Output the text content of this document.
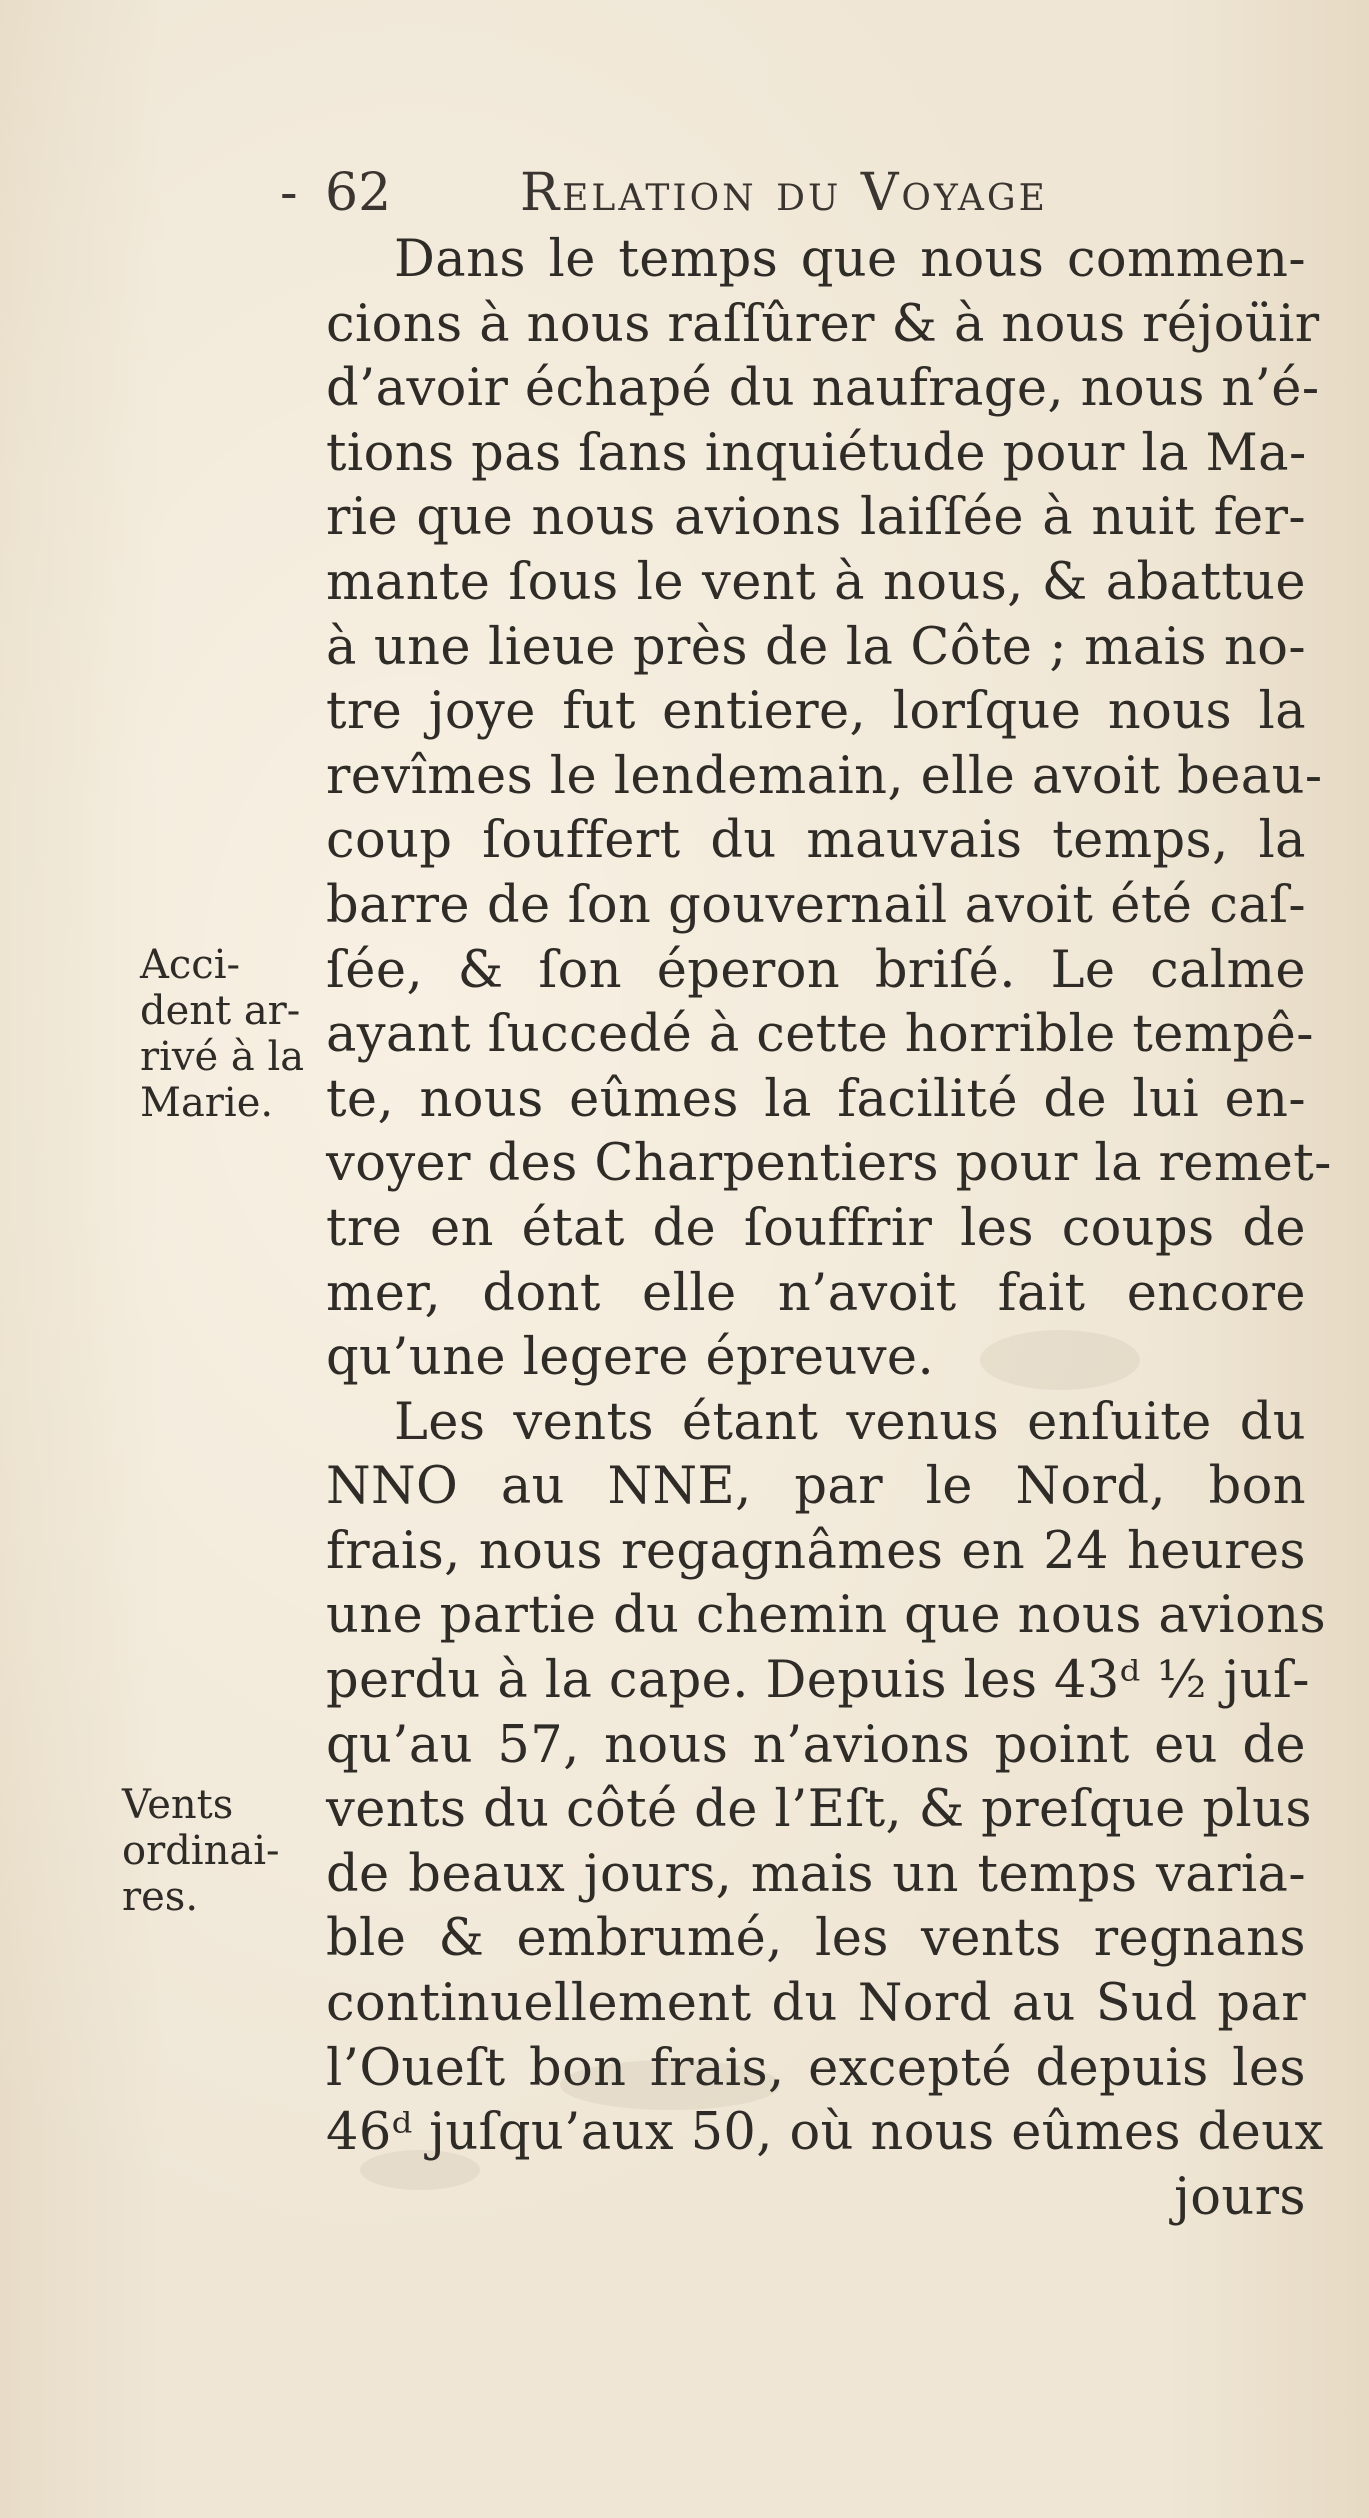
- 62 Relation du Voyage
Dans le temps que nous commen-
cions à nous raſſûrer & à nous réjoüir
d’avoir échapé du naufrage, nous n’é-
tions pas ſans inquiétude pour la Ma-
rie que nous avions laiſſée à nuit fer-
mante ſous le vent à nous, & abattue
à une lieue près de la Côte ; mais no-
tre joye fut entiere, lorſque nous la
revîmes le lendemain, elle avoit beau-
coup ſouffert du mauvais temps, la
barre de ſon gouvernail avoit été caſ-
ſée, & ſon éperon briſé. Le calme
ayant ſuccedé à cette horrible tempê-
te, nous eûmes la facilité de lui en-
voyer des Charpentiers pour la remet-
tre en état de ſouffrir les coups de
mer, dont elle n’avoit fait encore
qu’une legere épreuve.
Les vents étant venus enſuite du
NNO au NNE, par le Nord, bon
frais, nous regagnâmes en 24 heures
une partie du chemin que nous avions
perdu à la cape. Depuis les 43ᵈ ½ juſ-
qu’au 57, nous n’avions point eu de
vents du côté de l’Eſt, & preſque plus
de beaux jours, mais un temps varia-
ble & embrumé, les vents regnans
continuellement du Nord au Sud par
l’Oueſt bon frais, excepté depuis les
46ᵈ juſqu’aux 50, où nous eûmes deux
jours
Acci-
dent ar-
rivé à la
Marie.
Vents
ordinai-
res.
